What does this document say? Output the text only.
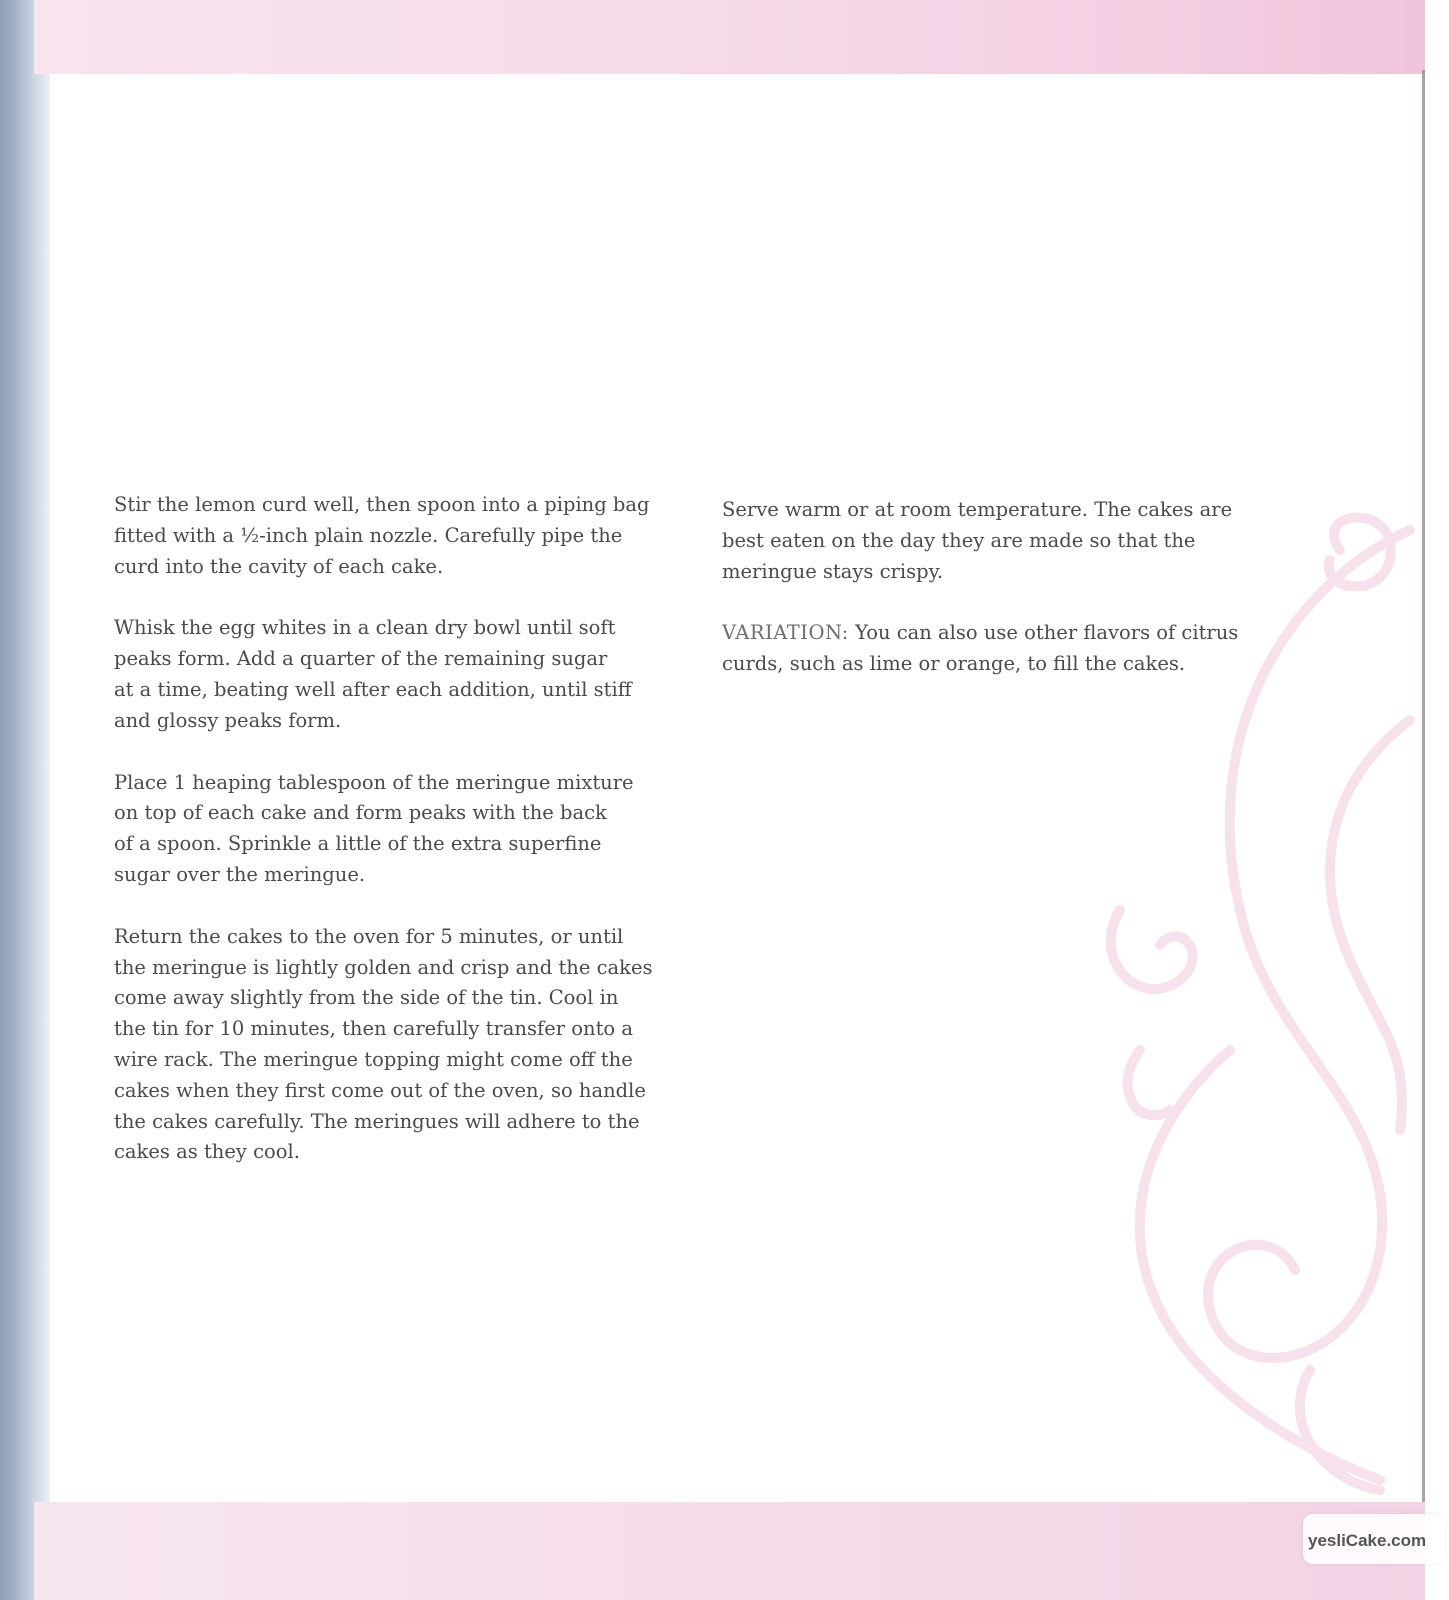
Stir the lemon curd well, then spoon into a piping bag
fitted with a ½-inch plain nozzle. Carefully pipe the
curd into the cavity of each cake.

Whisk the egg whites in a clean dry bowl until soft
peaks form. Add a quarter of the remaining sugar
at a time, beating well after each addition, until stiff
and glossy peaks form.

Place 1 heaping tablespoon of the meringue mixture
on top of each cake and form peaks with the back
of a spoon. Sprinkle a little of the extra superfine
sugar over the meringue.

Return the cakes to the oven for 5 minutes, or until
the meringue is lightly golden and crisp and the cakes
come away slightly from the side of the tin. Cool in
the tin for 10 minutes, then carefully transfer onto a
wire rack. The meringue topping might come off the
cakes when they first come out of the oven, so handle
the cakes carefully. The meringues will adhere to the
cakes as they cool.

Serve warm or at room temperature. The cakes are
best eaten on the day they are made so that the
meringue stays crispy.

VARIATION: You can also use other flavors of citrus
curds, such as lime or orange, to fill the cakes.

yesliCake.com
